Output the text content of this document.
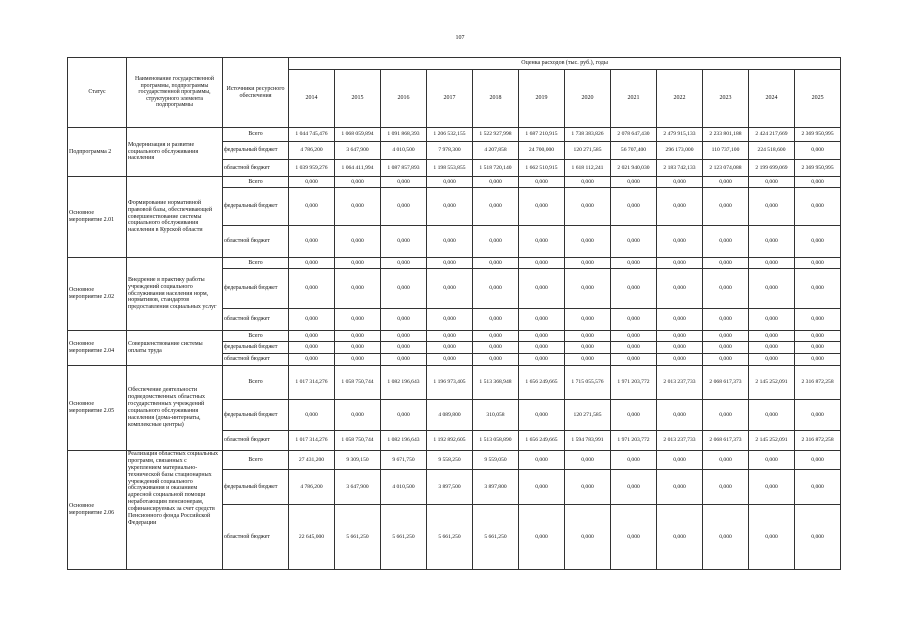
107
Статус	Наименование государственной программы, подпрограммы государственной программы, структурного элемента подпрограммы	Источники ресурсного обеспечения	Оценка расходов (тыс. руб.), годы											
			2014	2015	2016	2017	2018	2019	2020	2021	2022	2023	2024	2025
Подпрограмма 2	Модернизация и развитие социального обслуживания населения	Всего	1 044 745,476	1 068 059,894	1 091 868,393	1 206 532,155	1 522 927,998	1 687 210,915	1 738 383,826	2 078 647,430	2 479 915,133	2 233 801,188	2 424 217,669	2 369 950,995
		федеральный бюджет	4 786,200	3 647,900	4 010,500	7 978,300	4 207,858	24 700,000	120 271,585	56 707,400	296 173,000	110 737,100	224 518,600	0,000
		областной бюджет	1 039 959,276	1 064 411,994	1 087 857,893	1 198 553,855	1 518 720,140	1 662 510,915	1 618 112,241	2 021 940,030	2 183 742,133	2 123 074,088	2 199 699,069	2 369 950,995
Основное мероприятие 2.01	Формирование нормативной правовой базы, обеспечивающей совершенствование системы социального обслуживания населения в Курской области	Всего	0,000	0,000	0,000	0,000	0,000	0,000	0,000	0,000	0,000	0,000	0,000	0,000
		федеральный бюджет	0,000	0,000	0,000	0,000	0,000	0,000	0,000	0,000	0,000	0,000	0,000	0,000
		областной бюджет	0,000	0,000	0,000	0,000	0,000	0,000	0,000	0,000	0,000	0,000	0,000	0,000
Основное мероприятие 2.02	Внедрение в практику работы учреждений социального обслуживания населения норм, нормативов, стандартов предоставления социальных услуг	Всего	0,000	0,000	0,000	0,000	0,000	0,000	0,000	0,000	0,000	0,000	0,000	0,000
		федеральный бюджет	0,000	0,000	0,000	0,000	0,000	0,000	0,000	0,000	0,000	0,000	0,000	0,000
		областной бюджет	0,000	0,000	0,000	0,000	0,000	0,000	0,000	0,000	0,000	0,000	0,000	0,000
Основное мероприятие 2.04	Совершенствование системы оплаты труда	Всего	0,000	0,000	0,000	0,000	0,000	0,000	0,000	0,000	0,000	0,000	0,000	0,000
		федеральный бюджет	0,000	0,000	0,000	0,000	0,000	0,000	0,000	0,000	0,000	0,000	0,000	0,000
		областной бюджет	0,000	0,000	0,000	0,000	0,000	0,000	0,000	0,000	0,000	0,000	0,000	0,000
Основное мероприятие 2.05	Обеспечение деятельности подведомственных областных государственных учреждений социального обслуживания населения (дома-интернаты, комплексные центры)	Всего	1 017 314,276	1 058 750,744	1 082 196,643	1 196 973,405	1 513 368,948	1 656 249,665	1 715 055,576	1 971 203,772	2 013 237,733	2 068 617,373	2 145 252,091	2 316 872,258
		федеральный бюджет	0,000	0,000	0,000	4 089,800	310,058	0,000	120 271,585	0,000	0,000	0,000	0,000	0,000
		областной бюджет	1 017 314,276	1 058 750,744	1 082 196,643	1 192 892,605	1 513 058,890	1 656 249,665	1 594 783,991	1 971 203,772	2 013 237,733	2 068 617,373	2 145 252,091	2 316 872,258
Основное мероприятие 2.06	Реализация областных социальных программ, связанных с укреплением материально-технической базы стационарных учреждений социального обслуживания и оказанием адресной социальной помощи неработающим пенсионерам, софинансируемых за счет средств Пенсионного фонда Российской Федерации	Всего	27 431,200	9 309,150	9 671,750	9 558,250	9 559,050	0,000	0,000	0,000	0,000	0,000	0,000	0,000
		федеральный бюджет	4 786,200	3 647,900	4 010,500	3 897,500	3 897,800	0,000	0,000	0,000	0,000	0,000	0,000	0,000
		областной бюджет	22 645,000	5 661,250	5 661,250	5 661,250	5 661,250	0,000	0,000	0,000	0,000	0,000	0,000	0,000
